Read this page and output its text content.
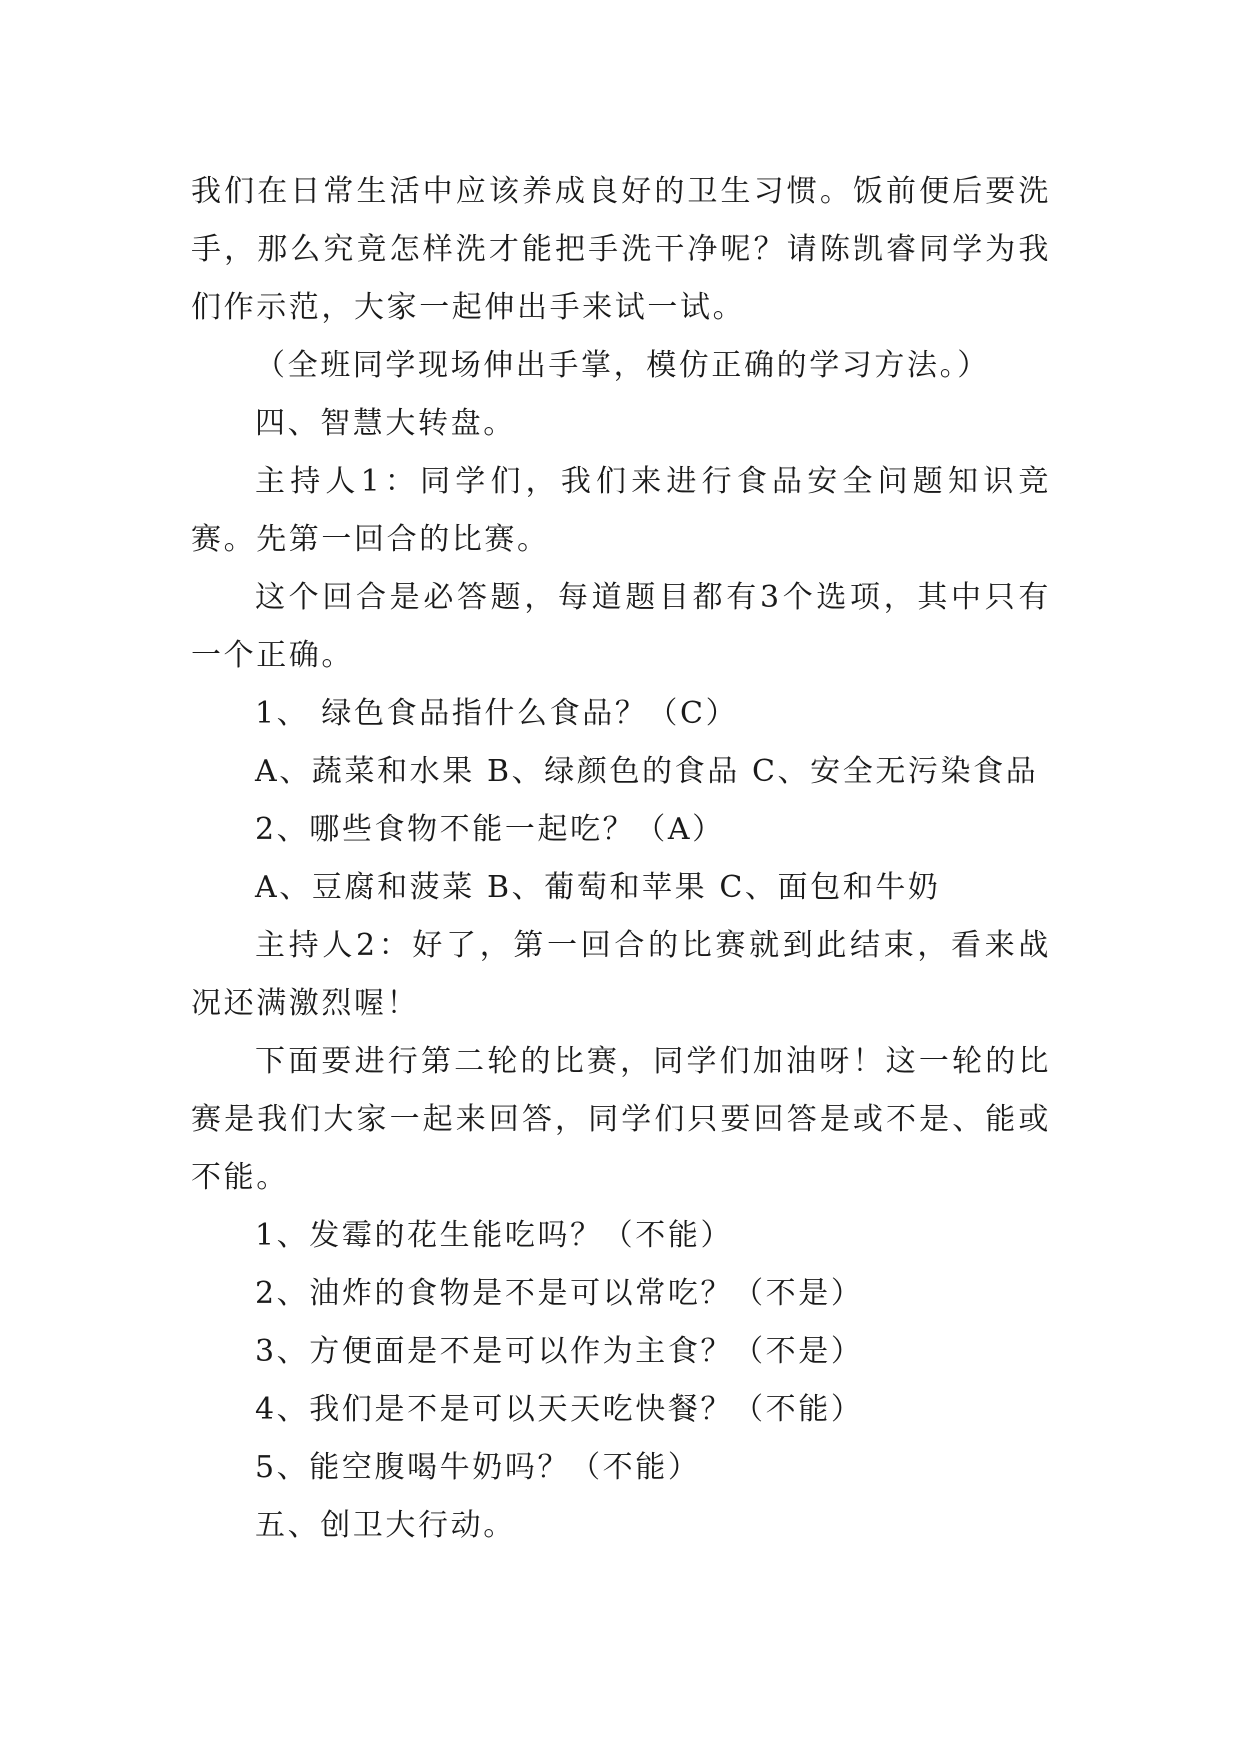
我们在日常生活中应该养成良好的卫生习惯。饭前便后要洗手，那么究竟怎样洗才能把手洗干净呢？请陈凯睿同学为我们作示范，大家一起伸出手来试一试。

（全班同学现场伸出手掌，模仿正确的学习方法。）

四、智慧大转盘。

主持人1：同学们，我们来进行食品安全问题知识竞赛。先第一回合的比赛。

这个回合是必答题，每道题目都有3个选项，其中只有一个正确。

1、 绿色食品指什么食品？（C）

A、蔬菜和水果 B、绿颜色的食品 C、安全无污染食品

2、哪些食物不能一起吃？（A）

A、豆腐和菠菜 B、葡萄和苹果 C、面包和牛奶

主持人2：好了，第一回合的比赛就到此结束，看来战况还满激烈喔！

下面要进行第二轮的比赛，同学们加油呀！这一轮的比赛是我们大家一起来回答，同学们只要回答是或不是、能或不能。

1、发霉的花生能吃吗？（不能）

2、油炸的食物是不是可以常吃？（不是）

3、方便面是不是可以作为主食？（不是）

4、我们是不是可以天天吃快餐？（不能）

5、能空腹喝牛奶吗？（不能）

五、创卫大行动。
